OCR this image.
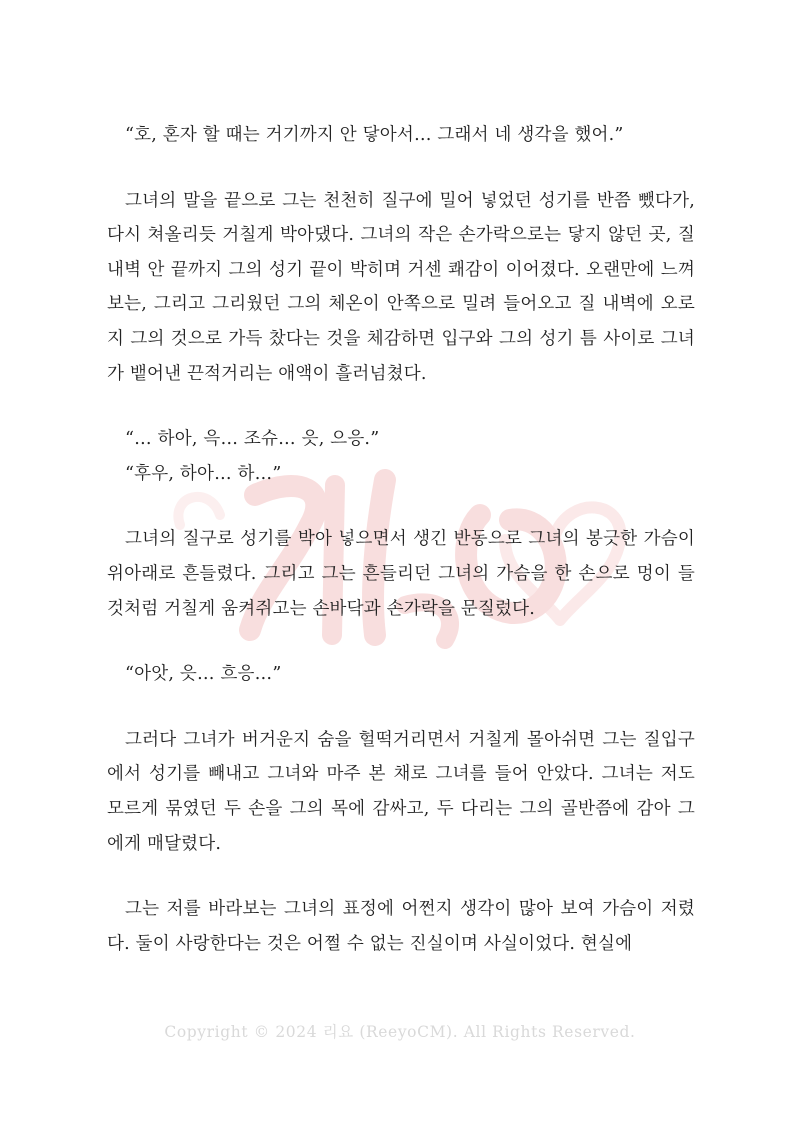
“호, 혼자 할 때는 거기까지 안 닿아서… 그래서 네 생각을 했어.”

그녀의 말을 끝으로 그는 천천히 질구에 밀어 넣었던 성기를 반쯤 뺐다가, 다시 쳐올리듯 거칠게 박아댔다. 그녀의 작은 손가락으로는 닿지 않던 곳, 질 내벽 안 끝까지 그의 성기 끝이 박히며 거센 쾌감이 이어졌다. 오랜만에 느껴보는, 그리고 그리웠던 그의 체온이 안쪽으로 밀려 들어오고 질 내벽에 오로지 그의 것으로 가득 찼다는 것을 체감하면 입구와 그의 성기 틈 사이로 그녀가 뱉어낸 끈적거리는 애액이 흘러넘쳤다.

“… 하아, 윽… 조슈… 읏, 으응.”
“후우, 하아… 하…”

그녀의 질구로 성기를 박아 넣으면서 생긴 반동으로 그녀의 봉긋한 가슴이 위아래로 흔들렸다. 그리고 그는 흔들리던 그녀의 가슴을 한 손으로 멍이 들 것처럼 거칠게 움켜쥐고는 손바닥과 손가락을 문질렀다.

“아앗, 읏… 흐응…”

그러다 그녀가 버거운지 숨을 헐떡거리면서 거칠게 몰아쉬면 그는 질입구에서 성기를 빼내고 그녀와 마주 본 채로 그녀를 들어 안았다. 그녀는 저도 모르게 묶였던 두 손을 그의 목에 감싸고, 두 다리는 그의 골반쯤에 감아 그에게 매달렸다.

그는 저를 바라보는 그녀의 표정에 어쩐지 생각이 많아 보여 가슴이 저렸다. 둘이 사랑한다는 것은 어쩔 수 없는 진실이며 사실이었다. 현실에

Copyright © 2024 리요 (ReeyoCM). All Rights Reserved.
